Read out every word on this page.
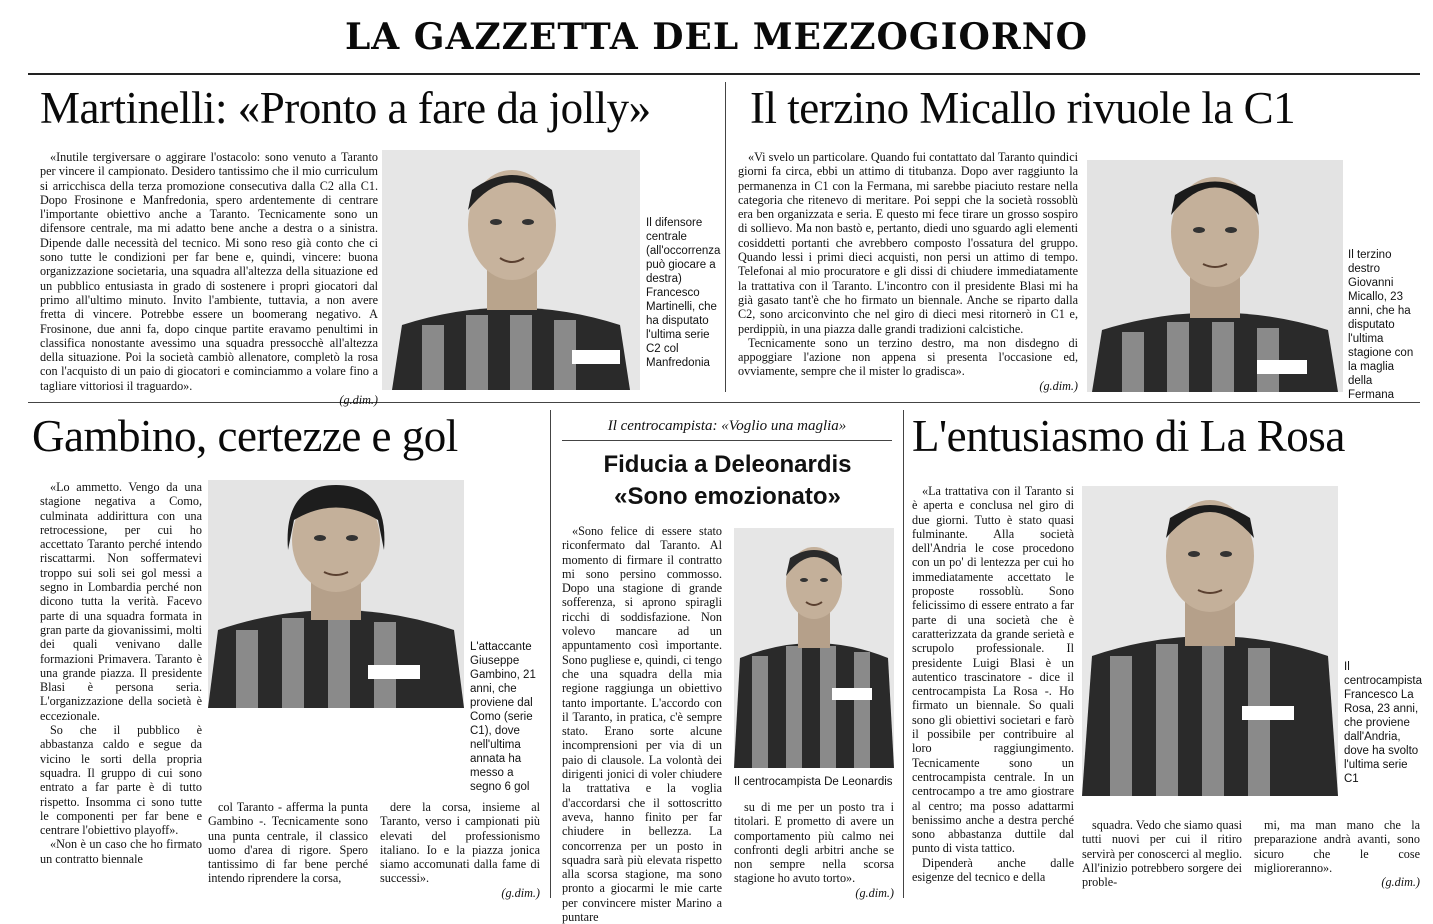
LA GAZZETTA DEL MEZZOGIORNO
Martinelli: «Pronto a fare da jolly»

«Inutile tergiversare o aggirare l'ostacolo: sono venuto a Taranto per vincere il campionato. Desidero tantissimo che il mio curriculum si arricchisca della terza promozione consecutiva dalla C2 alla C1. Dopo Frosinone e Manfredonia, spero ardentemente di centrare l'importante obiettivo anche a Taranto. Tecnicamente sono un difensore centrale, ma mi adatto bene anche a destra o a sinistra. Dipende dalle necessità del tecnico. Mi sono reso già conto che ci sono tutte le condizioni per far bene e, quindi, vincere: buona organizzazione societaria, una squadra all'altezza della situazione ed un pubblico entusiasta in grado di sostenere i propri giocatori dal primo all'ultimo minuto. Invito l'ambiente, tuttavia, a non avere fretta di vincere. Potrebbe essere un boomerang negativo. A Frosinone, due anni fa, dopo cinque partite eravamo penultimi in classifica nonostante avessimo una squadra pressocchè all'altezza della situazione. Poi la società cambiò allenatore, completò la rosa con l'acquisto di un paio di giocatori e cominciammo a volare fino a tagliare vittoriosi il traguardo».

(g.dim.)

Il difensore centrale (all'occorrenza può giocare a destra) Francesco Martinelli, che ha disputato l'ultima serie C2 col Manfredonia
Il terzino Micallo rivuole la C1

«Vi svelo un particolare. Quando fui contattato dal Taranto quindici giorni fa circa, ebbi un attimo di titubanza. Dopo aver raggiunto la permanenza in C1 con la Fermana, mi sarebbe piaciuto restare nella categoria che ritenevo di meritare. Poi seppi che la società rossoblù era ben organizzata e seria. E questo mi fece tirare un grosso sospiro di sollievo. Ma non bastò e, pertanto, diedi uno sguardo agli elementi cosiddetti portanti che avrebbero composto l'ossatura del gruppo. Quando lessi i primi dieci acquisti, non persi un attimo di tempo. Telefonai al mio procuratore e gli dissi di chiudere immediatamente la trattativa con il Taranto. L'incontro con il presidente Blasi mi ha già gasato tant'è che ho firmato un biennale. Anche se riparto dalla C2, sono arciconvinto che nel giro di dieci mesi ritornerò in C1 e, perdippiù, in una piazza dalle grandi tradizioni calcistiche.

Tecnicamente sono un terzino destro, ma non disdegno di appoggiare l'azione non appena si presenta l'occasione ed, ovviamente, sempre che il mister lo gradisca».

(g.dim.)

Il terzino destro Giovanni Micallo, 23 anni, che ha disputato l'ultima stagione con la maglia della Fermana
Gambino, certezze e gol
L'attaccante Giuseppe Gambino, 21 anni, che proviene dal Como (serie C1), dove nell'ultima annata ha messo a segno 6 gol

«Lo ammetto. Vengo da una stagione negativa a Como, culminata addirittura con una retrocessione, per cui ho accettato Taranto perché intendo riscattarmi. Non soffermatevi troppo sui soli sei gol messi a segno in Lombardia perché non dicono tutta la verità. Facevo parte di una squadra formata in gran parte da giovanissimi, molti dei quali venivano dalle formazioni Primavera. Taranto è una grande piazza. Il presidente Blasi è persona seria. L'organizzazione della società è eccezionale.

So che il pubblico è abbastanza caldo e segue da vicino le sorti della propria squadra. Il gruppo di cui sono entrato a far parte è di tutto rispetto. Insomma ci sono tutte le componenti per far bene e centrare l'obiettivo playoff».

«Non è un caso che ho firmato un contratto biennale

col Taranto - afferma la punta Gambino -. Tecnicamente sono una punta centrale, il classico uomo d'area di rigore. Spero tantissimo di far bene perché intendo riprendere la corsa,

dere la corsa, insieme al Taranto, verso i campionati più elevati del professionismo italiano. Io e la piazza jonica siamo accomunati dalla fame di successi».

(g.dim.)

Il centrocampista: «Voglio una maglia»
Fiducia a Deleonardis
«Sono emozionato»

«Sono felice di essere stato riconfermato dal Taranto. Al momento di firmare il contratto mi sono persino commosso. Dopo una stagione di grande sofferenza, si aprono spiragli ricchi di soddisfazione. Non volevo mancare ad un appuntamento così importante. Sono pugliese e, quindi, ci tengo che una squadra della mia regione raggiunga un obiettivo tanto importante. L'accordo con il Taranto, in pratica, c'è sempre stato. Erano sorte alcune incomprensioni per via di un paio di clausole. La volontà dei dirigenti jonici di voler chiudere la trattativa e la voglia d'accordarsi che il sottoscritto aveva, hanno finito per far chiudere in bellezza. La concorrenza per un posto in squadra sarà più elevata rispetto alla scorsa stagione, ma sono pronto a giocarmi le mie carte per convincere mister Marino a puntare

Il centrocampista De Leonardis

su di me per un posto tra i titolari. E prometto di avere un comportamento più calmo nei confronti degli arbitri anche se non sempre nella scorsa stagione ho avuto torto».

(g.dim.)

L'entusiasmo di La Rosa

«La trattativa con il Taranto si è aperta e conclusa nel giro di due giorni. Tutto è stato quasi fulminante. Alla società dell'Andria le cose procedono con un po' di lentezza per cui ho immediatamente accettato le proposte rossoblù. Sono felicissimo di essere entrato a far parte di una società che è caratterizzata da grande serietà e scrupolo professionale. Il presidente Luigi Blasi è un autentico trascinatore - dice il centrocampista La Rosa -. Ho firmato un biennale. So quali sono gli obiettivi societari e farò il possibile per contribuire al loro raggiungimento. Tecnicamente sono un centrocampista centrale. In un centrocampo a tre amo giostrare al centro; ma posso adattarmi benissimo anche a destra perché sono abbastanza duttile dal punto di vista tattico.

Dipenderà anche dalle esigenze del tecnico e della

Il centrocampista Francesco La Rosa, 23 anni, che proviene dall'Andria, dove ha svolto l'ultima serie C1

squadra. Vedo che siamo quasi tutti nuovi per cui il ritiro servirà per conoscerci al meglio. All'inizio potrebbero sorgere dei proble-

mi, ma man mano che la preparazione andrà avanti, sono sicuro che le cose miglioreranno».

(g.dim.)
